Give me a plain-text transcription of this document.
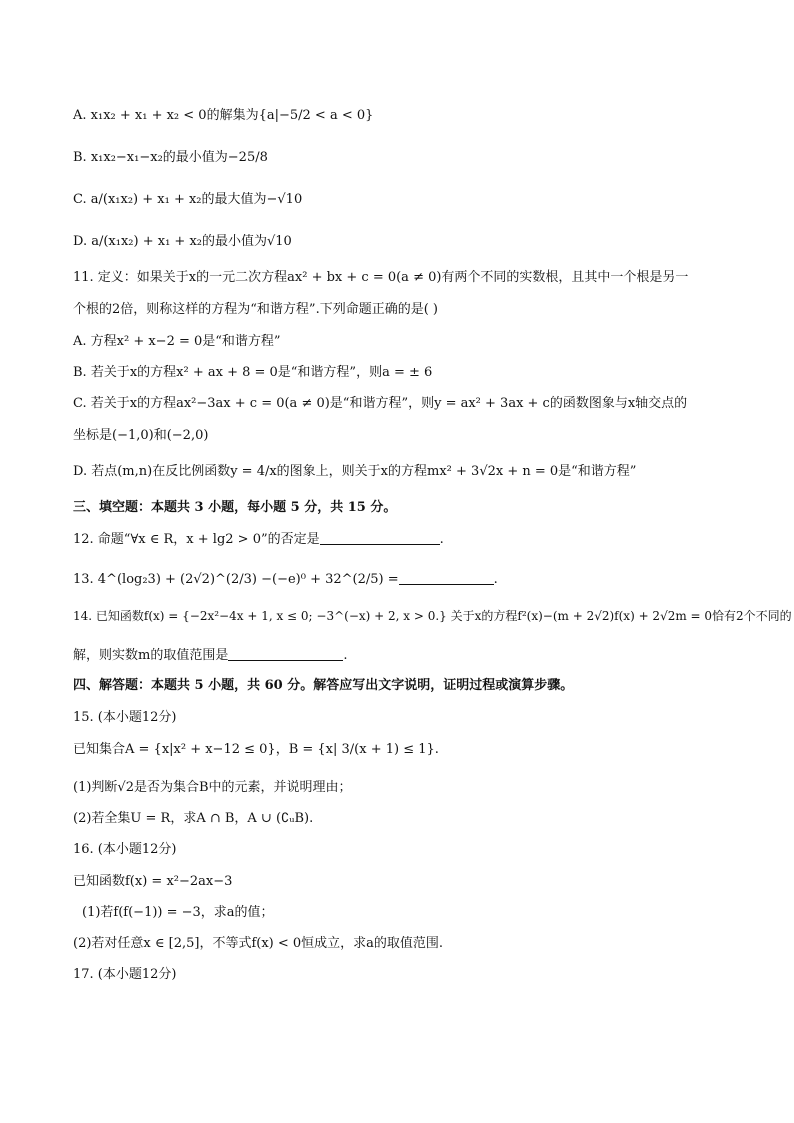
A. x₁x₂ + x₁ + x₂ < 0的解集为{a|−5/2 < a < 0}
B. x₁x₂−x₁−x₂的最小值为−25/8
C. a/(x₁x₂) + x₁ + x₂的最大值为−√10
D. a/(x₁x₂) + x₁ + x₂的最小值为√10
11. 定义：如果关于x的一元二次方程ax² + bx + c = 0(a ≠ 0)有两个不同的实数根，且其中一个根是另一
个根的2倍，则称这样的方程为“和谐方程”.下列命题正确的是( )
A. 方程x² + x−2 = 0是“和谐方程”
B. 若关于x的方程x² + ax + 8 = 0是“和谐方程”，则a = ± 6
C. 若关于x的方程ax²−3ax + c = 0(a ≠ 0)是“和谐方程”，则y = ax² + 3ax + c的函数图象与x轴交点的
坐标是(−1,0)和(−2,0)
D. 若点(m,n)在反比例函数y = 4/x的图象上，则关于x的方程mx² + 3√2x + n = 0是“和谐方程”
三、填空题：本题共 3 小题，每小题 5 分，共 15 分。
12. 命题“∀x ∈ R，x + lg2 > 0”的否定是	.
13. 4^(log₂3) + (2√2)^(2/3) −(−e)⁰ + 32^(2/5) =	.
14. 已知函数f(x) = {−2x²−4x + 1, x ≤ 0; −3^(−x) + 2, x > 0.} 关于x的方程f²(x)−(m + 2√2)f(x) + 2√2m = 0恰有2个不同的
解，则实数m的取值范围是	.
四、解答题：本题共 5 小题，共 60 分。解答应写出文字说明，证明过程或演算步骤。
15. (本小题12分)
已知集合A = {x|x² + x−12 ≤ 0}，B = {x| 3/(x + 1) ≤ 1}.
(1)判断√2是否为集合B中的元素，并说明理由；
(2)若全集U = R，求A ∩ B，A ∪ (∁ᵤB).
16. (本小题12分)
已知函数f(x) = x²−2ax−3
(1)若f(f(−1)) = −3，求a的值；
(2)若对任意x ∈ [2,5]，不等式f(x) < 0恒成立，求a的取值范围.
17. (本小题12分)
